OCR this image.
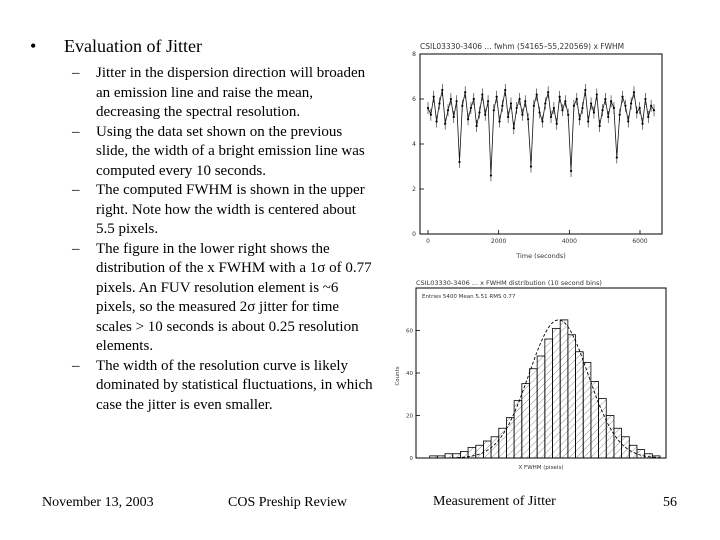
• Evaluation of Jitter
– Jitter in the dispersion direction will broaden an emission line and raise the mean, decreasing the spectral resolution.
– Using the data set shown on the previous slide, the width of a bright emission line was computed every 10 seconds.
– The computed FWHM is shown in the upper right. Note how the width is centered about 5.5 pixels.
– The figure in the lower right shows the distribution of the x FWHM with a 1σ of 0.77 pixels. An FUV resolution element is ~6 pixels, so the measured 2σ jitter for time scales > 10 seconds is about 0.25 resolution elements.
– The width of the resolution curve is likely dominated by statistical fluctuations, in which case the jitter is even smaller.
CSIL03330-3406 ... fwhm (54165–55,220569) x FWHM
0
2
4
6
8
0	2000	4000	6000
Time (seconds)
CSIL03330-3406 ... x FWHM distribution (10 second bins)
Entries 5400 Mean 5.51 RMS 0.77
0
20
40
60
Counts
X FWHM (pixels)
November 13, 2003	COS Preship Review	Measurement of Jitter	56
